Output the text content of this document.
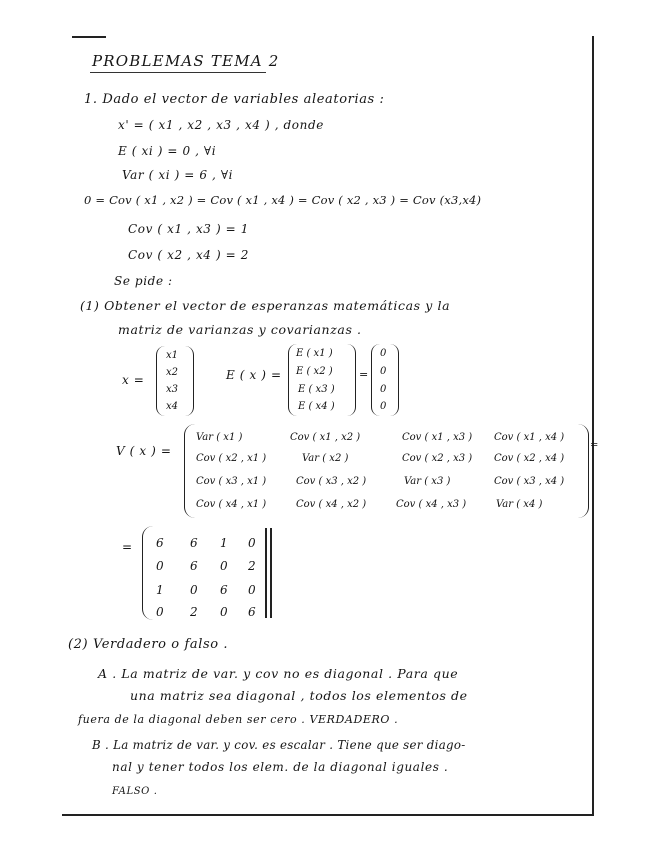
PROBLEMAS TEMA 2
1. Dado el vector de variables aleatorias :
x' = ( x1 , x2 , x3 , x4 ) , donde
E ( xi ) = 0 , ∀i
Var ( xi ) = 6 , ∀i
0 = Cov ( x1 , x2 ) = Cov ( x1 , x4 ) = Cov ( x2 , x3 ) = Cov (x3,x4)
Cov ( x1 , x3 ) = 1
Cov ( x2 , x4 ) = 2
Se pide :
(1) Obtener el vector de esperanzas matemáticas y la
matriz de varianzas y covarianzas .
x =
x1
x2
x3
x4
E ( x ) =
E ( x1 )
E ( x2 )
E ( x3 )
E ( x4 )
=
0
0
0
0
V ( x ) =	=
Var ( x1 )	Cov ( x1 , x2 )	Cov ( x1 , x3 ) Cov ( x1 , x4 )
Cov ( x2 , x1 )	Var ( x2 )	Cov ( x2 , x3 ) Cov ( x2 , x4 )
Cov ( x3 , x1 )	Cov ( x3 , x2 )	Var ( x3 )	Cov ( x3 , x4 )
Cov ( x4 , x1 )	Cov ( x4 , x2 )	Cov ( x4 , x3 )	Var ( x4 )
= 6 6 1 0
0 6 0 2
1 0 6 0
0 2 0 6
(2) Verdadero o falso .
A . La matriz de var. y cov no es diagonal . Para que
una matriz sea diagonal , todos los elementos de
fuera de la diagonal deben ser cero . VERDADERO .
B . La matriz de var. y cov. es escalar . Tiene que ser diago-
nal y tener todos los elem. de la diagonal iguales .
FALSO .
